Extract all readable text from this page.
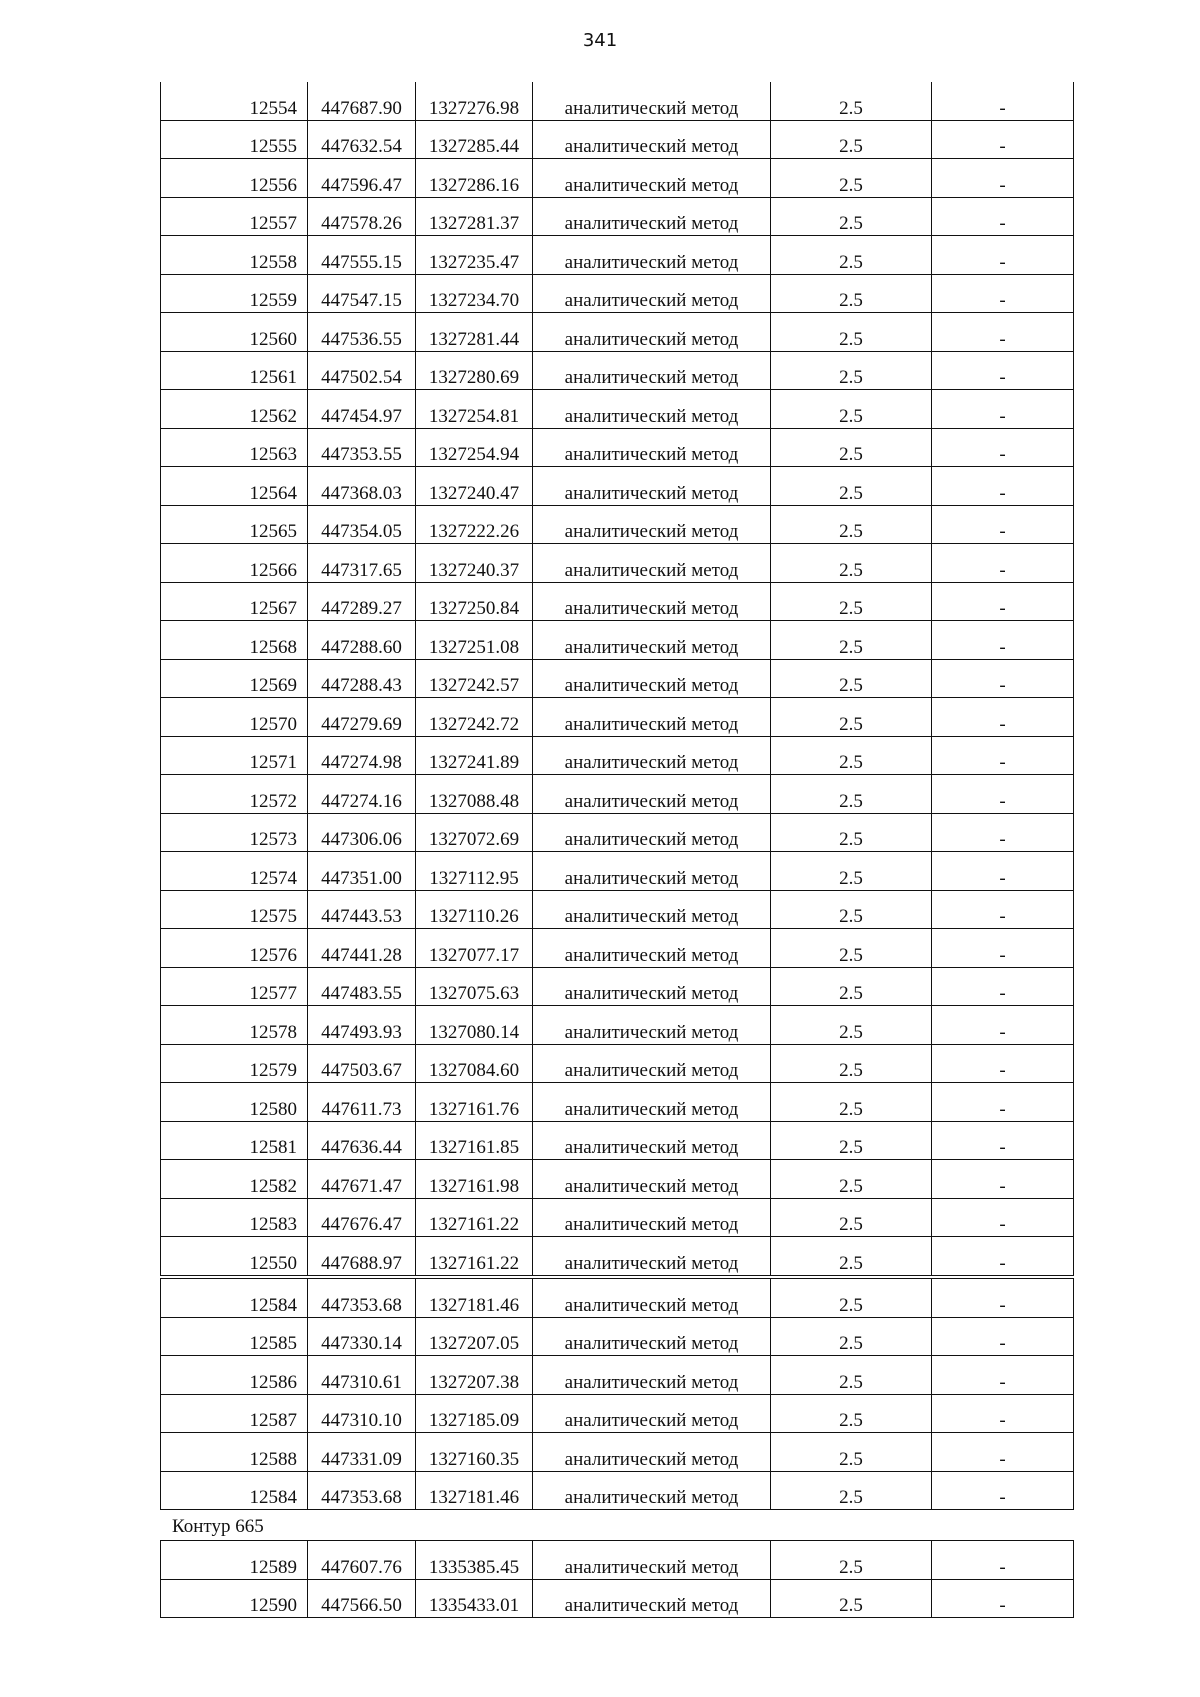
341
12554	447687.90	1327276.98	аналитический метод	2.5	-
12555	447632.54	1327285.44	аналитический метод	2.5	-
12556	447596.47	1327286.16	аналитический метод	2.5	-
12557	447578.26	1327281.37	аналитический метод	2.5	-
12558	447555.15	1327235.47	аналитический метод	2.5	-
12559	447547.15	1327234.70	аналитический метод	2.5	-
12560	447536.55	1327281.44	аналитический метод	2.5	-
12561	447502.54	1327280.69	аналитический метод	2.5	-
12562	447454.97	1327254.81	аналитический метод	2.5	-
12563	447353.55	1327254.94	аналитический метод	2.5	-
12564	447368.03	1327240.47	аналитический метод	2.5	-
12565	447354.05	1327222.26	аналитический метод	2.5	-
12566	447317.65	1327240.37	аналитический метод	2.5	-
12567	447289.27	1327250.84	аналитический метод	2.5	-
12568	447288.60	1327251.08	аналитический метод	2.5	-
12569	447288.43	1327242.57	аналитический метод	2.5	-
12570	447279.69	1327242.72	аналитический метод	2.5	-
12571	447274.98	1327241.89	аналитический метод	2.5	-
12572	447274.16	1327088.48	аналитический метод	2.5	-
12573	447306.06	1327072.69	аналитический метод	2.5	-
12574	447351.00	1327112.95	аналитический метод	2.5	-
12575	447443.53	1327110.26	аналитический метод	2.5	-
12576	447441.28	1327077.17	аналитический метод	2.5	-
12577	447483.55	1327075.63	аналитический метод	2.5	-
12578	447493.93	1327080.14	аналитический метод	2.5	-
12579	447503.67	1327084.60	аналитический метод	2.5	-
12580	447611.73	1327161.76	аналитический метод	2.5	-
12581	447636.44	1327161.85	аналитический метод	2.5	-
12582	447671.47	1327161.98	аналитический метод	2.5	-
12583	447676.47	1327161.22	аналитический метод	2.5	-
12550	447688.97	1327161.22	аналитический метод	2.5	-
12584	447353.68	1327181.46	аналитический метод	2.5	-
12585	447330.14	1327207.05	аналитический метод	2.5	-
12586	447310.61	1327207.38	аналитический метод	2.5	-
12587	447310.10	1327185.09	аналитический метод	2.5	-
12588	447331.09	1327160.35	аналитический метод	2.5	-
12584	447353.68	1327181.46	аналитический метод	2.5	-
Контур 665
12589	447607.76	1335385.45	аналитический метод	2.5	-
12590	447566.50	1335433.01	аналитический метод	2.5	-
